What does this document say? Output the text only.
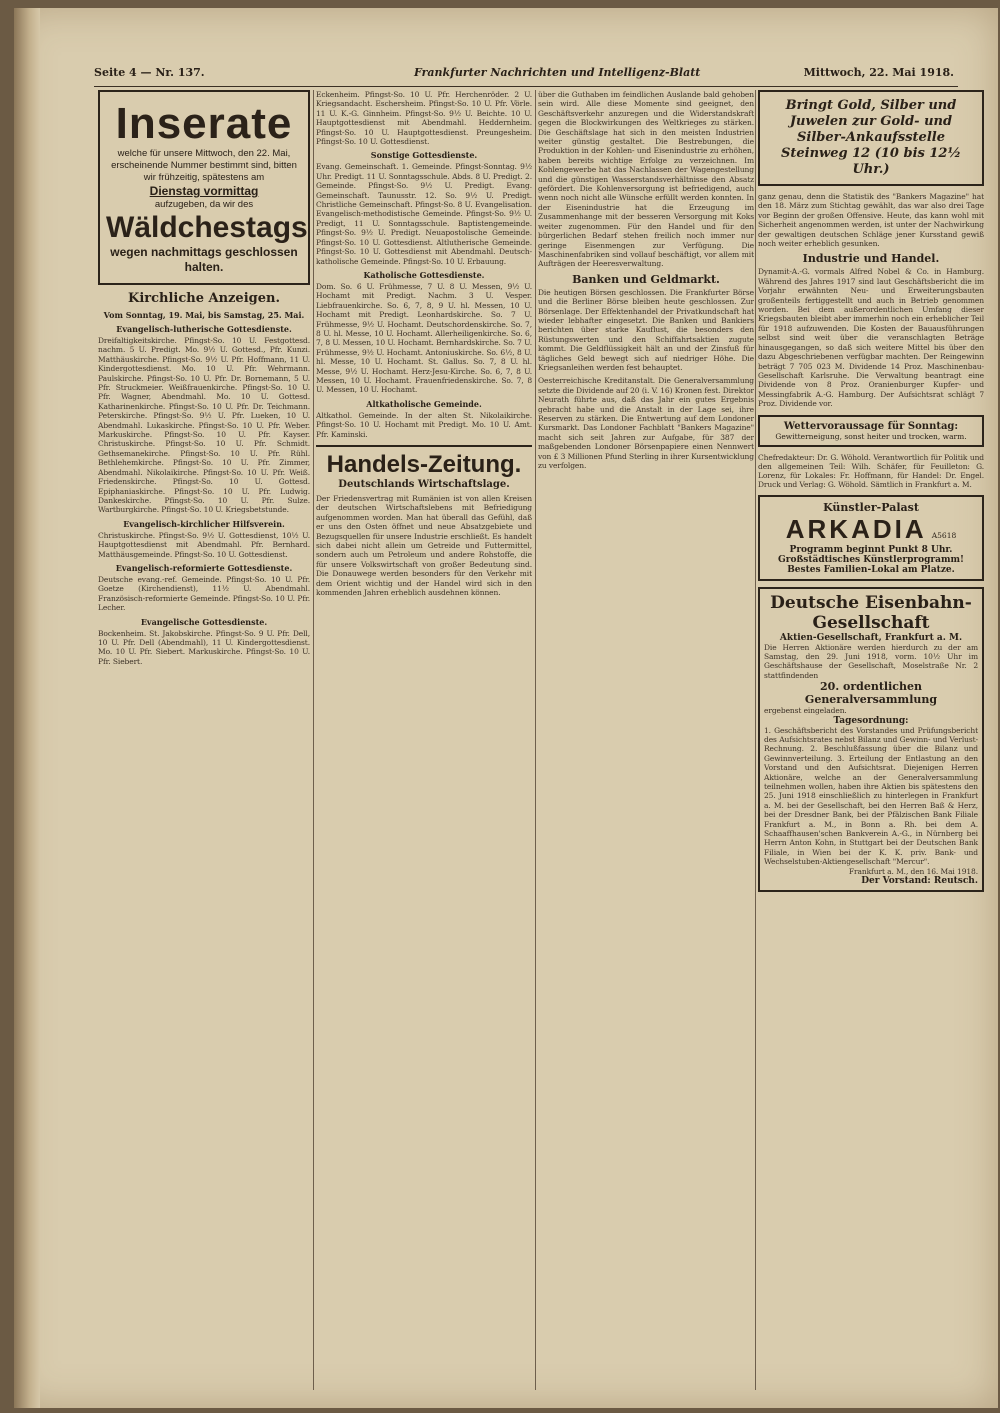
Seite 4 — Nr. 137.	Frankfurter Nachrichten und Intelligenz-Blatt	Mittwoch, 22. Mai 1918.
Inserate
welche für unsere Mittwoch, den 22. Mai, erscheinende Nummer bestimmt sind, bitten wir frühzeitig, spätestens am
Dienstag vormittag
aufzugeben, da wir des
Wäldchestags
wegen nachmittags geschlossen halten.
Kirchliche Anzeigen.
Vom Sonntag, 19. Mai, bis Samstag, 25. Mai.
Evangelisch-lutherische Gottesdienste.
Dreifaltigkeitskirche. Pfingst-So. 10 U. Festgottesd. nachm. 5 U. Predigt. Mo. 9½ U. Gottesd., Pfr. Kunzi. Matthäuskirche. Pfingst-So. 9½ U. Pfr. Hoffmann, 11 U. Kindergottesdienst. Mo. 10 U. Pfr. Wehrmann. Paulskirche. Pfingst-So. 10 U. Pfr. Dr. Bornemann, 5 U. Pfr. Struckmeier. Weißfrauenkirche. Pfingst-So. 10 U. Pfr. Wagner, Abendmahl. Mo. 10 U. Gottesd. Katharinenkirche. Pfingst-So. 10 U. Pfr. Dr. Teichmann. Peterskirche. Pfingst-So. 9½ U. Pfr. Lueken, 10 U. Abendmahl. Lukaskirche. Pfingst-So. 10 U. Pfr. Weber. Markuskirche. Pfingst-So. 10 U. Pfr. Kayser. Christuskirche. Pfingst-So. 10 U. Pfr. Schmidt. Gethsemanekirche. Pfingst-So. 10 U. Pfr. Rühl. Bethlehemkirche. Pfingst-So. 10 U. Pfr. Zimmer, Abendmahl. Nikolaikirche. Pfingst-So. 10 U. Pfr. Weiß. Friedenskirche. Pfingst-So. 10 U. Gottesd. Epiphaniaskirche. Pfingst-So. 10 U. Pfr. Ludwig. Dankeskirche. Pfingst-So. 10 U. Pfr. Sulze. Wartburgkirche. Pfingst-So. 10 U. Kriegsbetstunde.
Evangelisch-kirchlicher Hilfsverein.
Christuskirche. Pfingst-So. 9½ U. Gottesdienst, 10½ U. Hauptgottesdienst mit Abendmahl. Pfr. Bernhard. Matthäusgemeinde. Pfingst-So. 10 U. Gottesdienst.
Evangelisch-reformierte Gottesdienste.
Deutsche evang.-ref. Gemeinde. Pfingst-So. 10 U. Pfr. Goetze (Kirchendienst), 11½ U. Abendmahl. Französisch-reformierte Gemeinde. Pfingst-So. 10 U. Pfr. Lecher.
Evangelische Gottesdienste.
Bockenheim. St. Jakobskirche. Pfingst-So. 9 U. Pfr. Dell, 10 U. Pfr. Dell (Abendmahl), 11 U. Kindergottesdienst. Mo. 10 U. Pfr. Siebert. Markuskirche. Pfingst-So. 10 U. Pfr. Siebert.
Eckenheim. Pfingst-So. 10 U. Pfr. Herchenröder. 2 U. Kriegsandacht. Eschersheim. Pfingst-So. 10 U. Pfr. Vörle. 11 U. K.-G. Ginnheim. Pfingst-So. 9½ U. Beichte. 10 U. Hauptgottesdienst mit Abendmahl. Heddernheim. Pfingst-So. 10 U. Hauptgottesdienst. Preungesheim. Pfingst-So. 10 U. Gottesdienst.
Sonstige Gottesdienste.
Evang. Gemeinschaft. 1. Gemeinde. Pfingst-Sonntag. 9½ Uhr. Predigt. 11 U. Sonntagsschule. Abds. 8 U. Predigt. 2. Gemeinde. Pfingst-So. 9½ U. Predigt. Evang. Gemeinschaft. Taunusstr. 12. So. 9½ U. Predigt. Christliche Gemeinschaft. Pfingst-So. 8 U. Evangelisation. Evangelisch-methodistische Gemeinde. Pfingst-So. 9½ U. Predigt, 11 U. Sonntagsschule. Baptistengemeinde. Pfingst-So. 9½ U. Predigt. Neuapostolische Gemeinde. Pfingst-So. 10 U. Gottesdienst. Altlutherische Gemeinde. Pfingst-So. 10 U. Gottesdienst mit Abendmahl. Deutsch-katholische Gemeinde. Pfingst-So. 10 U. Erbauung.
Katholische Gottesdienste.
Dom. So. 6 U. Frühmesse, 7 U. 8 U. Messen, 9½ U. Hochamt mit Predigt. Nachm. 3 U. Vesper. Liebfrauenkirche. So. 6, 7, 8, 9 U. hl. Messen, 10 U. Hochamt mit Predigt. Leonhardskirche. So. 7 U. Frühmesse, 9½ U. Hochamt. Deutschordenskirche. So. 7, 8 U. hl. Messe, 10 U. Hochamt. Allerheiligenkirche. So. 6, 7, 8 U. Messen, 10 U. Hochamt. Bernhardskirche. So. 7 U. Frühmesse, 9½ U. Hochamt. Antoniuskirche. So. 6½, 8 U. hl. Messe, 10 U. Hochamt. St. Gallus. So. 7, 8 U. hl. Messe, 9½ U. Hochamt. Herz-Jesu-Kirche. So. 6, 7, 8 U. Messen, 10 U. Hochamt. Frauenfriedenskirche. So. 7, 8 U. Messen, 10 U. Hochamt.
Altkatholische Gemeinde.
Altkathol. Gemeinde. In der alten St. Nikolaikirche. Pfingst-So. 10 U. Hochamt mit Predigt. Mo. 10 U. Amt. Pfr. Kaminski.
Handels-Zeitung.
Deutschlands Wirtschaftslage.
Der Friedensvertrag mit Rumänien ist von allen Kreisen der deutschen Wirtschaftslebens mit Befriedigung aufgenommen worden. Man hat überall das Gefühl, daß er uns den Osten öffnet und neue Absatzgebiete und Bezugsquellen für unsere Industrie erschließt. Es handelt sich dabei nicht allein um Getreide und Futtermittel, sondern auch um Petroleum und andere Rohstoffe, die für unsere Volkswirtschaft von großer Bedeutung sind. Die Donauwege werden besonders für den Verkehr mit dem Orient wichtig und der Handel wird sich in den kommenden Jahren erheblich ausdehnen können.
über die Guthaben im feindlichen Auslande bald gehoben sein wird. Alle diese Momente sind geeignet, den Geschäftsverkehr anzuregen und die Widerstandskraft gegen die Blockwirkungen des Weltkrieges zu stärken. Die Geschäftslage hat sich in den meisten Industrien weiter günstig gestaltet. Die Bestrebungen, die Produktion in der Kohlen- und Eisenindustrie zu erhöhen, haben bereits wichtige Erfolge zu verzeichnen. Im Kohlengewerbe hat das Nachlassen der Wagengestellung und die günstigen Wasserstandsverhältnisse den Absatz gefördert. Die Kohlenversorgung ist befriedigend, auch wenn noch nicht alle Wünsche erfüllt werden konnten. In der Eisenindustrie hat die Erzeugung im Zusammenhange mit der besseren Versorgung mit Koks weiter zugenommen. Für den Handel und für den bürgerlichen Bedarf stehen freilich noch immer nur geringe Eisenmengen zur Verfügung. Die Maschinenfabriken sind vollauf beschäftigt, vor allem mit Aufträgen der Heeresverwaltung.
Banken und Geldmarkt.
Die heutigen Börsen geschlossen. Die Frankfurter Börse und die Berliner Börse bleiben heute geschlossen. Zur Börsenlage. Der Effektenhandel der Privatkundschaft hat wieder lebhafter eingesetzt. Die Banken und Bankiers berichten über starke Kauflust, die besonders den Rüstungswerten und den Schiffahrtsaktien zugute kommt. Die Geldflüssigkeit hält an und der Zinsfuß für tägliches Geld bewegt sich auf niedriger Höhe. Die Kriegsanleihen werden fest behauptet.
Oesterreichische Kreditanstalt. Die Generalversammlung setzte die Dividende auf 20 (i. V. 16) Kronen fest. Direktor Neurath führte aus, daß das Jahr ein gutes Ergebnis gebracht habe und die Anstalt in der Lage sei, ihre Reserven zu stärken. Die Entwertung auf dem Londoner Kursmarkt. Das Londoner Fachblatt "Bankers Magazine" macht sich seit Jahren zur Aufgabe, für 387 der maßgebenden Londoner Börsenpapiere einen Nennwert von £ 3 Millionen Pfund Sterling in ihrer Kursentwicklung zu verfolgen.
Bringt Gold, Silber und Juwelen zur Gold- und Silber-Ankaufsstelle Steinweg 12 (10 bis 12½ Uhr.)
ganz genau, denn die Statistik des "Bankers Magazine" hat den 18. März zum Stichtag gewählt, das war also drei Tage vor Beginn der großen Offensive. Heute, das kann wohl mit Sicherheit angenommen werden, ist unter der Nachwirkung der gewaltigen deutschen Schläge jener Kursstand gewiß noch weiter erheblich gesunken.
Industrie und Handel.
Dynamit-A.-G. vormals Alfred Nobel & Co. in Hamburg. Während des Jahres 1917 sind laut Geschäftsbericht die im Vorjahr erwähnten Neu- und Erweiterungsbauten großenteils fertiggestellt und auch in Betrieb genommen worden. Bei dem außerordentlichen Umfang dieser Kriegsbauten bleibt aber immerhin noch ein erheblicher Teil für 1918 aufzuwenden. Die Kosten der Bauausführungen selbst sind weit über die veranschlagten Beträge hinausgegangen, so daß sich weitere Mittel bis über den dazu Abgeschriebenen verfügbar machten. Der Reingewinn beträgt 7 705 023 M. Dividende 14 Proz. Maschinenbau-Gesellschaft Karlsruhe. Die Verwaltung beantragt eine Dividende von 8 Proz. Oranienburger Kupfer- und Messingfabrik A.-G. Hamburg. Der Aufsichtsrat schlägt 7 Proz. Dividende vor.
Wettervoraussage für Sonntag:
Gewitterneigung, sonst heiter und trocken, warm.
Chefredakteur: Dr. G. Wöhold. Verantwortlich für Politik und den allgemeinen Teil: Wilh. Schäfer, für Feuilleton: G. Lorenz, für Lokales: Fr. Hoffmann, für Handel: Dr. Engel. Druck und Verlag: G. Wöhold. Sämtlich in Frankfurt a. M.
Künstler-Palast
ARKADIA A5618
Programm beginnt Punkt 8 Uhr.
Großstädtisches Künstlerprogramm!
Bestes Familien-Lokal am Platze.
Deutsche Eisenbahn-Gesellschaft
Aktien-Gesellschaft, Frankfurt a. M.
Die Herren Aktionäre werden hierdurch zu der am Samstag, den 29. Juni 1918, vorm. 10½ Uhr im Geschäftshause der Gesellschaft, Moselstraße Nr. 2 stattfindenden
20. ordentlichen Generalversammlung
ergebenst eingeladen.
Tagesordnung:
1. Geschäftsbericht des Vorstandes und Prüfungsbericht des Aufsichtsrates nebst Bilanz und Gewinn- und Verlust-Rechnung. 2. Beschlußfassung über die Bilanz und Gewinnverteilung. 3. Erteilung der Entlastung an den Vorstand und den Aufsichtsrat. Diejenigen Herren Aktionäre, welche an der Generalversammlung teilnehmen wollen, haben ihre Aktien bis spätestens den 25. Juni 1918 einschließlich zu hinterlegen in Frankfurt a. M. bei der Gesellschaft, bei den Herren Baß & Herz, bei der Dresdner Bank, bei der Pfälzischen Bank Filiale Frankfurt a. M., in Bonn a. Rh. bei dem A. Schaaffhausen'schen Bankverein A.-G., in Nürnberg bei Herrn Anton Kohn, in Stuttgart bei der Deutschen Bank Filiale, in Wien bei der K. K. priv. Bank- und Wechselstuben-Aktiengesellschaft "Mercur".
Frankfurt a. M., den 16. Mai 1918.
Der Vorstand: Reutsch.
